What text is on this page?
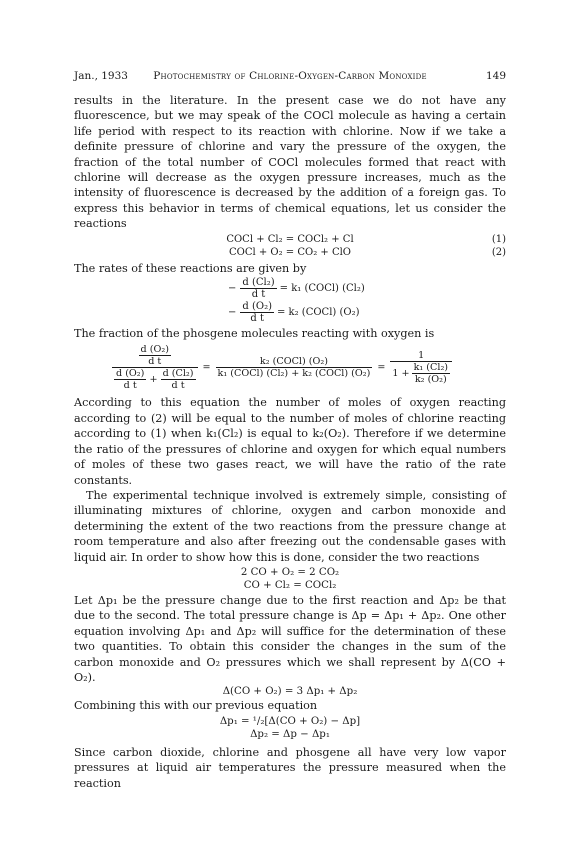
Jan., 1933	Photochemistry of Chlorine-Oxygen-Carbon Monoxide	149

results in the literature. In the present case we do not have any fluorescence, but we may speak of the COCl molecule as having a certain life period with respect to its reaction with chlorine. Now if we take a definite pressure of chlorine and vary the pressure of the oxygen, the fraction of the total number of COCl molecules formed that react with chlorine will decrease as the oxygen pressure increases, much as the intensity of fluorescence is decreased by the addition of a foreign gas. To express this behavior in terms of chemical equations, let us consider the reactions

COCl + Cl₂ = COCl₂ + Cl	(1)
COCl + O₂ = CO₂ + ClO	(2)

The rates of these reactions are given by

− $\frac{\text{d (Cl₂)}}{\text{d t}} = k_1$ (COCl) (Cl₂)
− $\frac{\text{d (O₂)}}{\text{d t}} = k_2$ (COCl) (O₂)

The fraction of the phosgene molecules reacting with oxygen is

$\frac{\text{d (O₂)}}{\text{d t}}$
$\frac{\text{d (O₂)}}{\text{d t}} + \frac{\text{d (Cl₂)}}{\text{d t}}$
= $\frac{\text{k₂ (COCl) (O₂)}}{\text{k₁ (COCl) (Cl₂) + k₂ (COCl) (O₂)}} = \frac{1}{1 + \frac{\text{k₁ (Cl₂)}}{\text{k₂ (O₂)}}}$

According to this equation the number of moles of oxygen reacting according to (2) will be equal to the number of moles of chlorine reacting according to (1) when k₁(Cl₂) is equal to k₂(O₂). Therefore if we determine the ratio of the pressures of chlorine and oxygen for which equal numbers of moles of these two gases react, we will have the ratio of the rate constants.

The experimental technique involved is extremely simple, consisting of illuminating mixtures of chlorine, oxygen and carbon monoxide and determining the extent of the two reactions from the pressure change at room temperature and also after freezing out the condensable gases with liquid air. In order to show how this is done, consider the two reactions

2 CO + O₂ = 2 CO₂
CO + Cl₂ = COCl₂

Let Δp₁ be the pressure change due to the first reaction and Δp₂ be that due to the second. The total pressure change is Δp = Δp₁ + Δp₂. One other equation involving Δp₁ and Δp₂ will suffice for the determination of these two quantities. To obtain this consider the changes in the sum of the carbon monoxide and O₂ pressures which we shall represent by Δ(CO + O₂).

Δ(CO + O₂) = 3 Δp₁ + Δp₂

Combining this with our previous equation

Δp₁ = ¹/₂[Δ(CO + O₂) − Δp]
Δp₂ = Δp − Δp₁

Since carbon dioxide, chlorine and phosgene all have very low vapor pressures at liquid air temperatures the pressure measured when the reaction
